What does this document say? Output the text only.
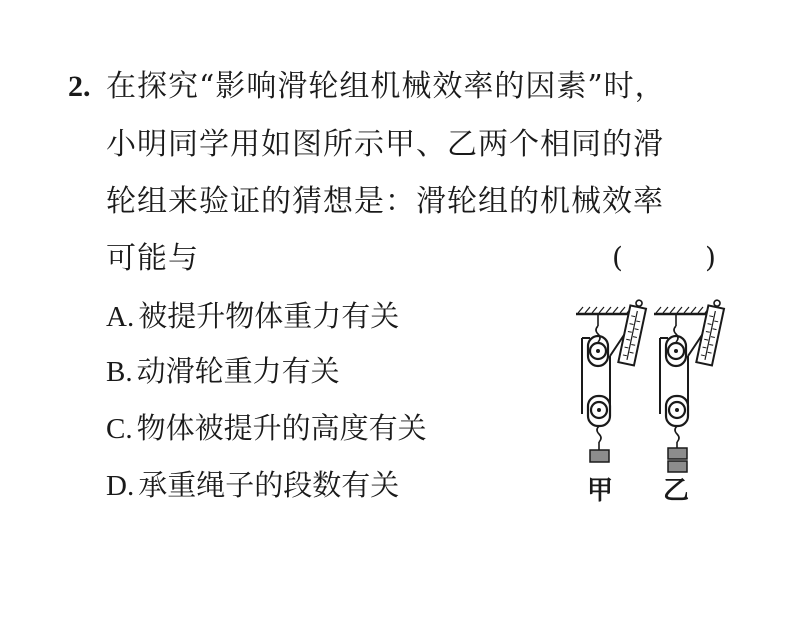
2. 在探究“影响滑轮组机械效率的因素”时，
小明同学用如图所示甲、乙两个相同的滑
轮组来验证的猜想是：滑轮组的机械效率
可能与	(	)
A. 被提升物体重力有关
B. 动滑轮重力有关
C. 物体被提升的高度有关
D. 承重绳子的段数有关	甲 乙
